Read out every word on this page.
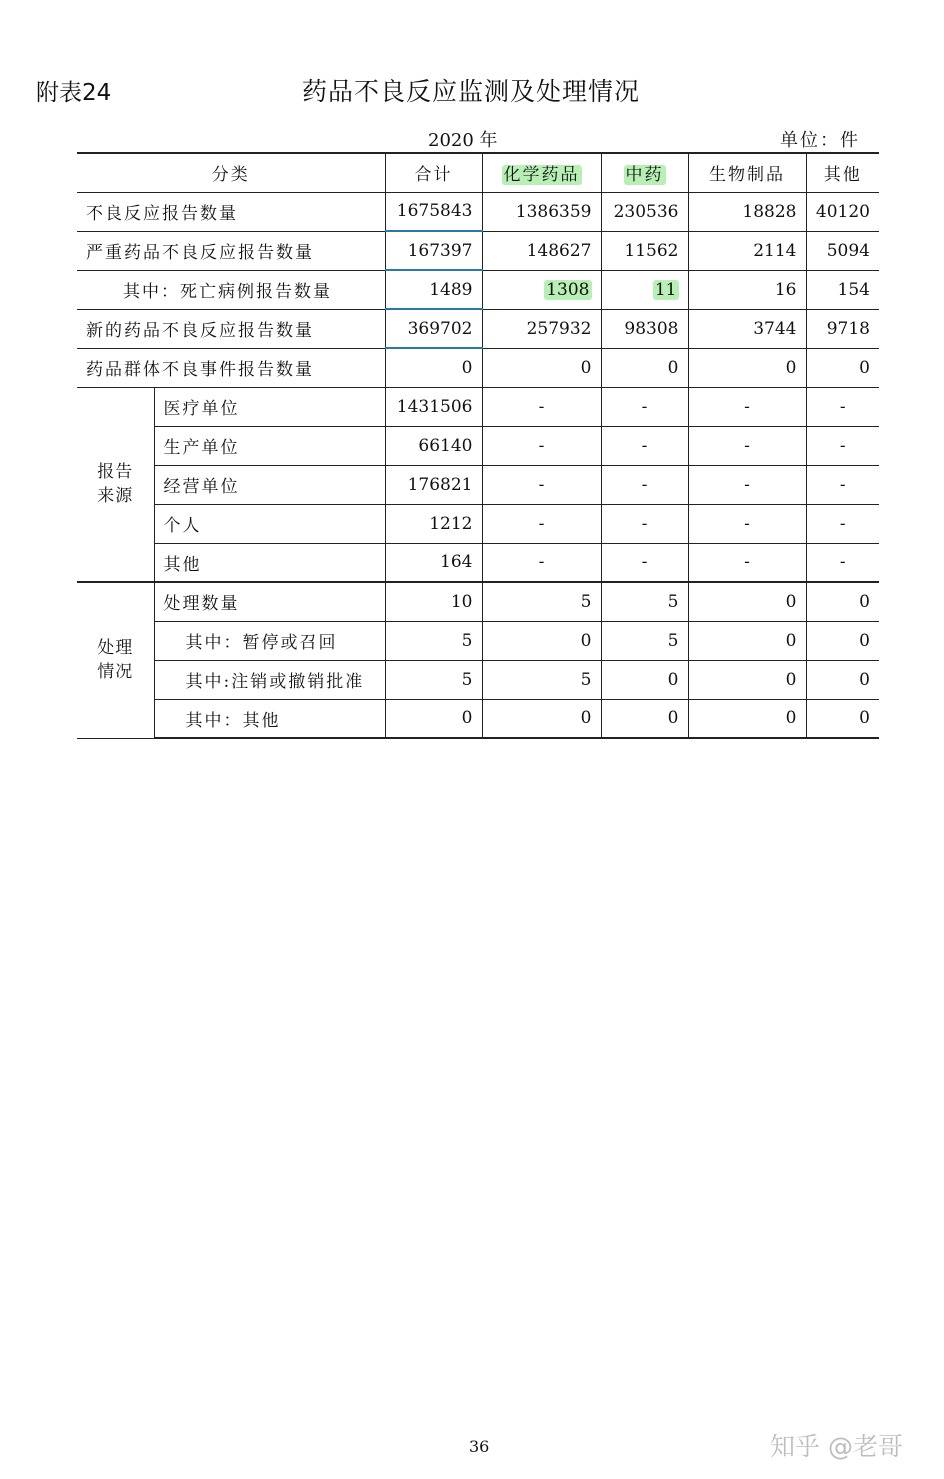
附表24	药品不良反应监测及处理情况
2020 年	单位：件
分类		合计	化学药品	中药	生物制品	其他
不良反应报告数量		1675843	1386359	230536	18828	40120
严重药品不良反应报告数量		167397	148627	11562	2114	5094
其中：死亡病例报告数量		1489	1308	11	16	154
新的药品不良反应报告数量		369702	257932	98308	3744	9718
药品群体不良事件报告数量		0	0	0	0	0
报告来源	医疗单位	1431506	-	-	-	-
	生产单位	66140	-	-	-	-
	经营单位	176821	-	-	-	-
	个人	1212	-	-	-	-
	其他	164	-	-	-	-
处理情况	处理数量	10	5	5	0	0
	其中：暂停或召回	5	0	5	0	0
	其中:注销或撤销批准	5	5	0	0	0
	其中：其他	0	0	0	0	0
36	知乎 @老哥
